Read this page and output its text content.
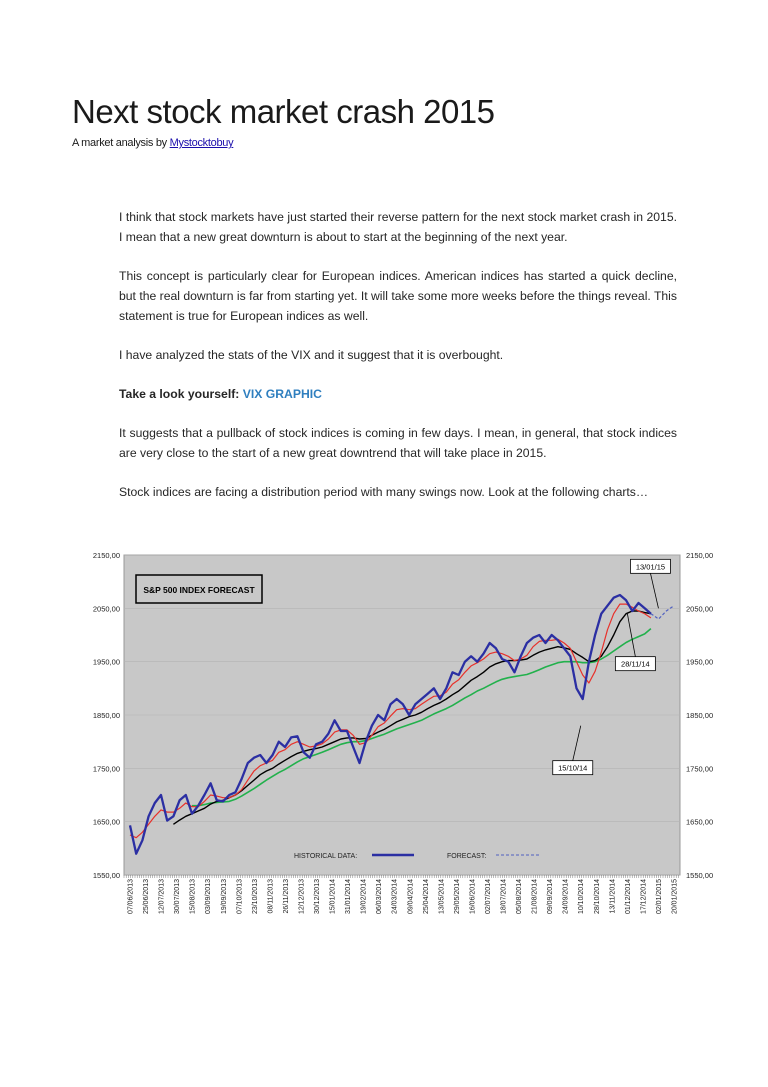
Next stock market crash 2015

A market analysis by Mystocktobuy

I think that stock markets have just started their reverse pattern for the next stock market crash in 2015. I mean that a new great downturn is about to start at the beginning of the next year.

This concept is particularly clear for European indices. American indices has started a quick decline, but the real downturn is far from starting yet. It will take some more weeks before the things reveal. This statement is true for European indices as well.

I have analyzed the stats of the VIX and it suggest that it is overbought.

Take a look yourself: VIX GRAPHIC

It suggests that a pullback of stock indices is coming in few days. I mean, in general, that stock indices are very close to the start of a new great downtrend that will take place in 2015.

Stock indices are facing a distribution period with many swings now. Look at the following charts…

2150,00
2050,00
1950,00
1850,00
1750,00
1650,00
1550,00
2150,00
2050,00
1950,00
1850,00
1750,00
1650,00
1550,00
07/06/2013 25/06/2013 12/07/2013 30/07/2013 15/08/2013 03/09/2013 19/09/2013 07/10/2013 23/10/2013 08/11/2013 26/11/2013 12/12/2013 30/12/2013 15/01/2014 31/01/2014 19/02/2014 06/03/2014 24/03/2014 09/04/2014 25/04/2014 13/05/2014 29/05/2014 16/06/2014 02/07/2014 18/07/2014 05/08/2014 21/08/2014 09/09/2014 24/09/2014 10/10/2014 28/10/2014 13/11/2014 01/12/2014 17/12/2014 02/01/2015 20/01/2015
S&P 500 INDEX FORECAST
HISTORICAL DATA:	FORECAST:
13/01/15
28/11/14
15/10/14
